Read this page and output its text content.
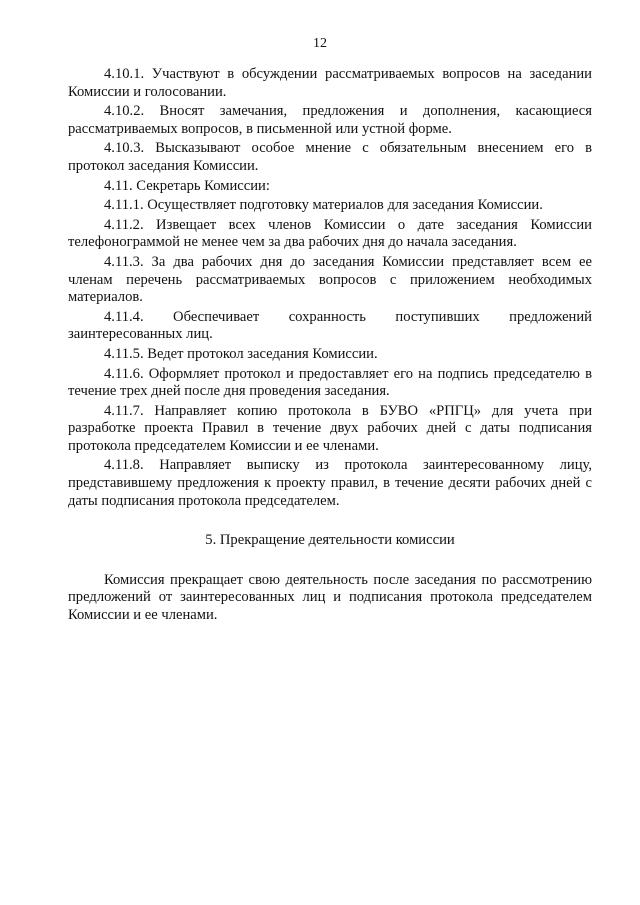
12

4.10.1. Участвуют в обсуждении рассматриваемых вопросов на заседании Комиссии и голосовании.

4.10.2. Вносят замечания, предложения и дополнения, касающиеся рассматриваемых вопросов, в письменной или устной форме.

4.10.3. Высказывают особое мнение с обязательным внесением его в протокол заседания Комиссии.

4.11. Секретарь Комиссии:

4.11.1. Осуществляет подготовку материалов для заседания Комиссии.

4.11.2. Извещает всех членов Комиссии о дате заседания Комиссии телефонограммой не менее чем за два рабочих дня до начала заседания.

4.11.3. За два рабочих дня до заседания Комиссии представляет всем ее членам перечень рассматриваемых вопросов с приложением необходимых материалов.

4.11.4. Обеспечивает сохранность поступивших предложений заинтересованных лиц.

4.11.5. Ведет протокол заседания Комиссии.

4.11.6. Оформляет протокол и предоставляет его на подпись председателю в течение трех дней после дня проведения заседания.

4.11.7. Направляет копию протокола в БУВО «РПГЦ» для учета при разработке проекта Правил в течение двух рабочих дней с даты подписания протокола председателем Комиссии и ее членами.

4.11.8. Направляет выписку из протокола заинтересованному лицу, представившему предложения к проекту правил, в течение десяти рабочих дней с даты подписания протокола председателем.

5. Прекращение деятельности комиссии

Комиссия прекращает свою деятельность после заседания по рассмотрению предложений от заинтересованных лиц и подписания протокола председателем Комиссии и ее членами.
